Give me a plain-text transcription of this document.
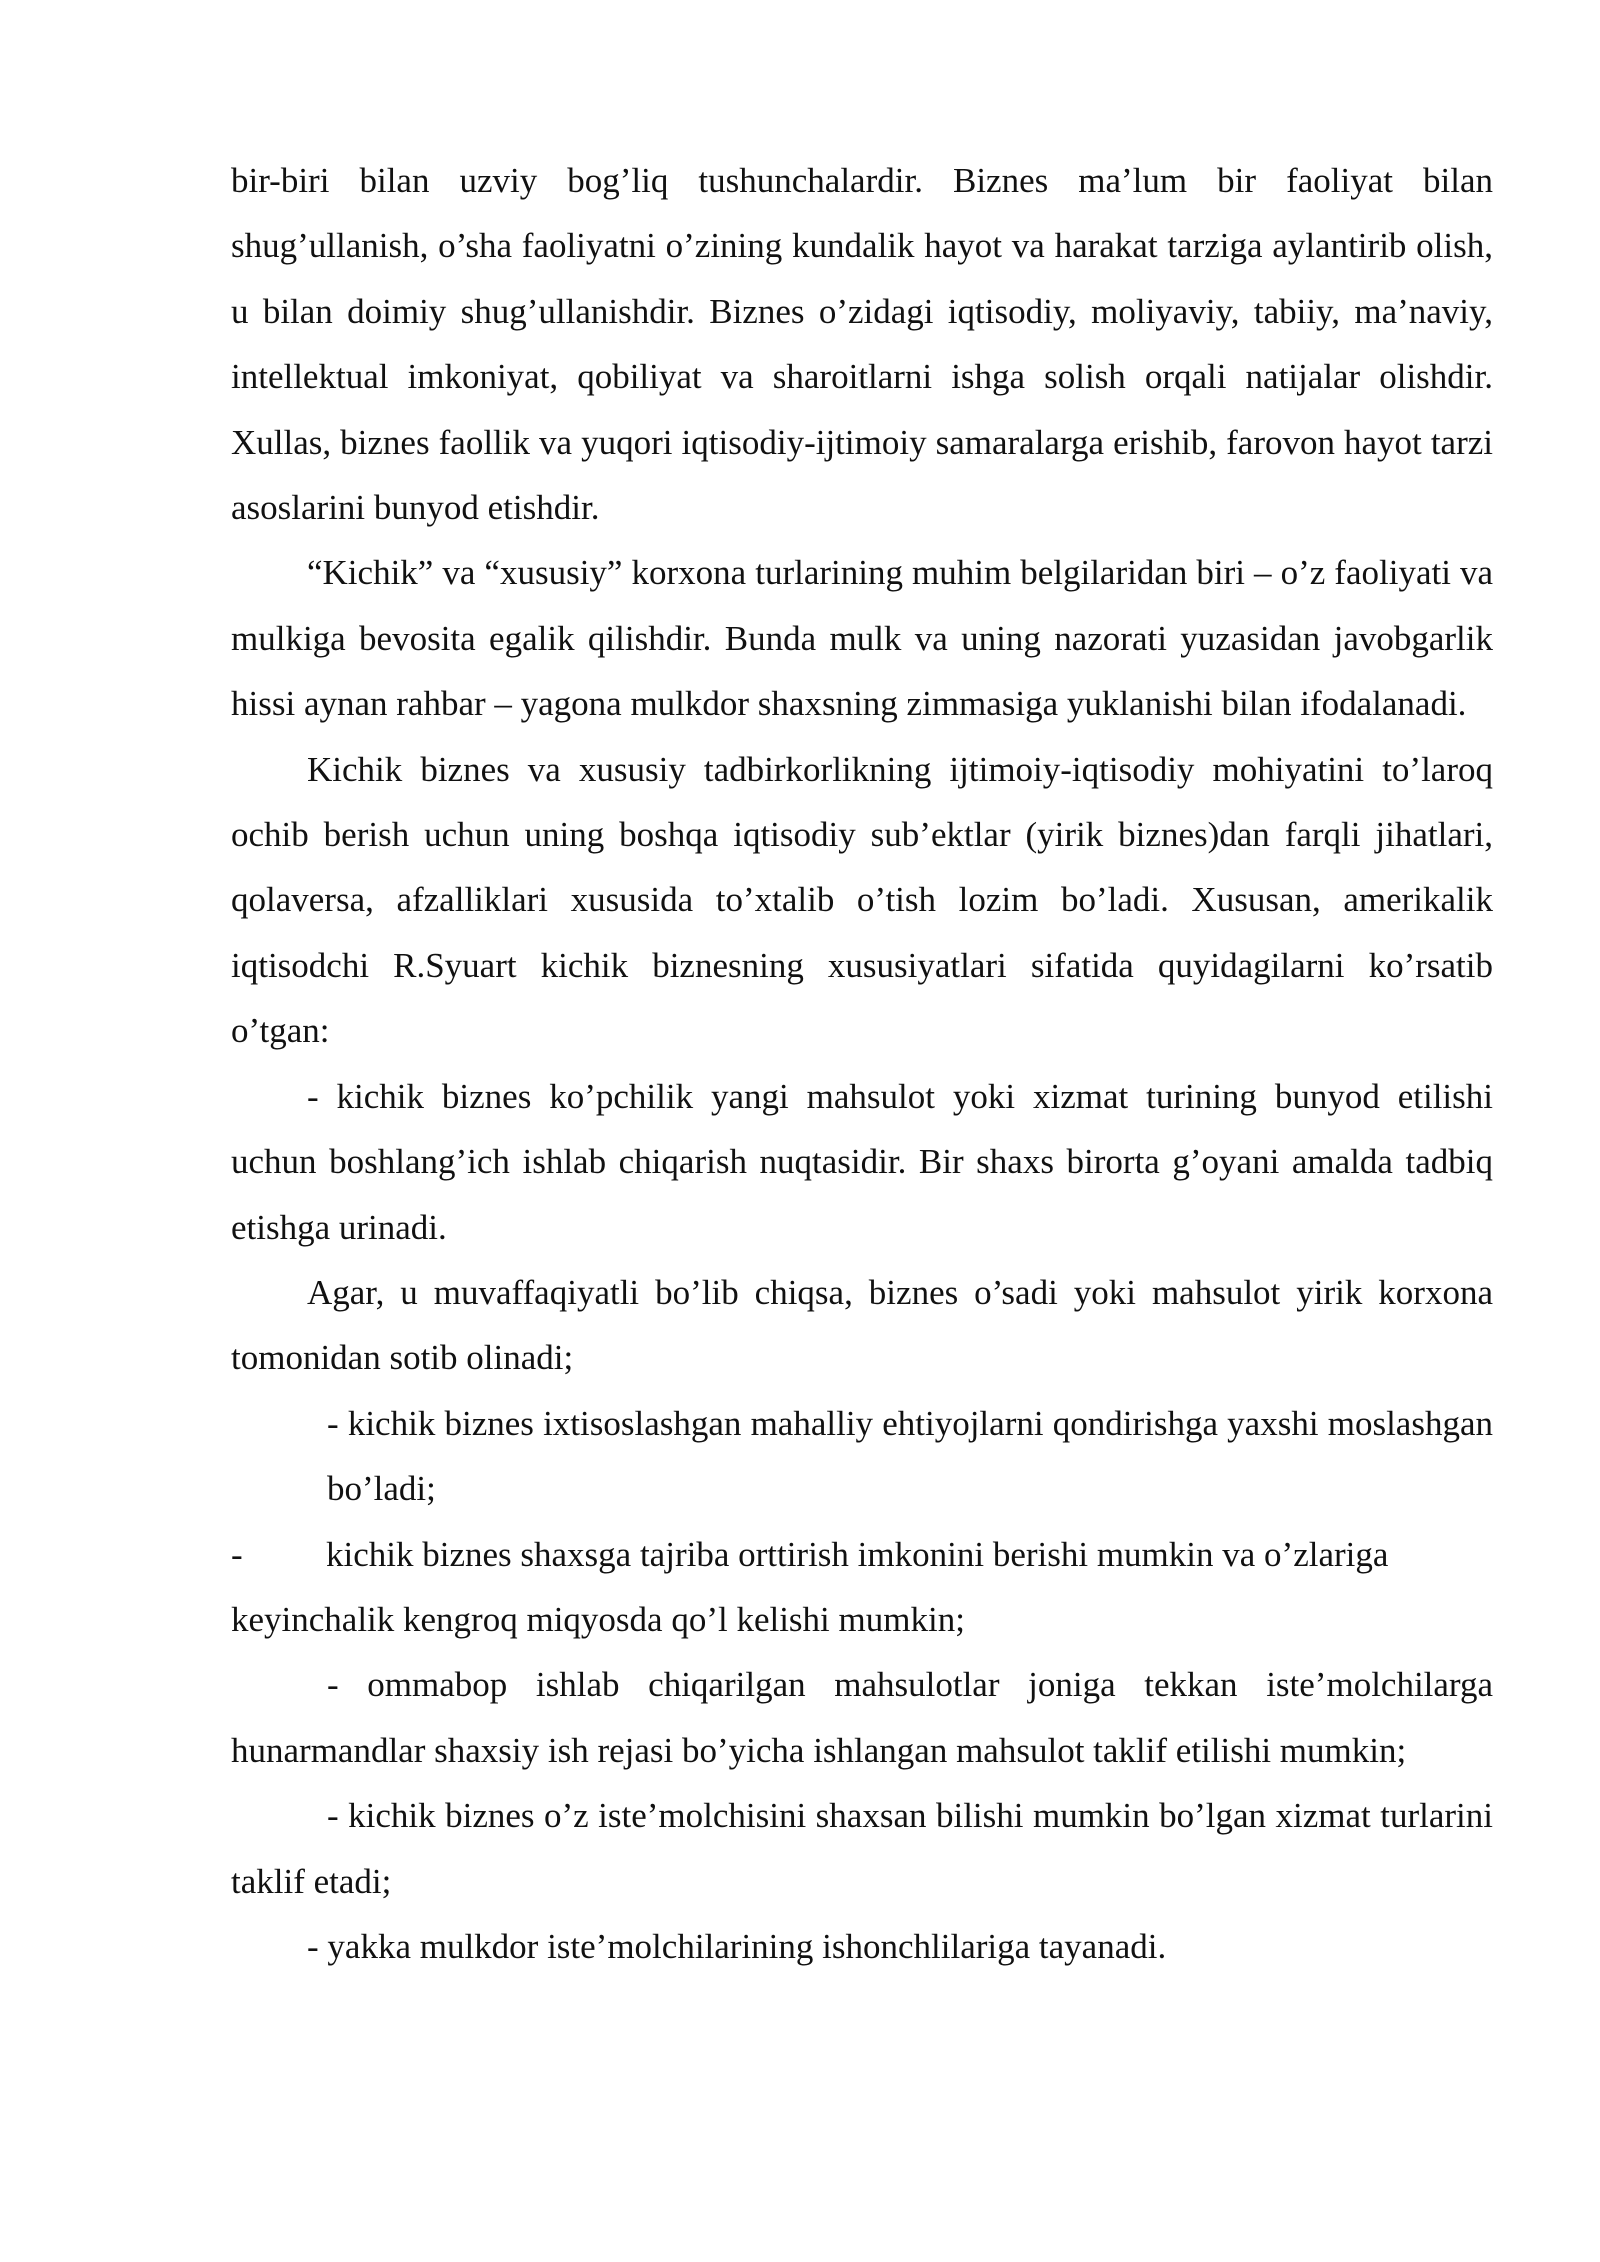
bir-biri bilan uzviy bog’liq tushunchalardir. Biznes ma’lum bir faoliyat bilan shug’ullanish, o’sha faoliyatni o’zining kundalik hayot va harakat tarziga aylantirib olish, u bilan doimiy shug’ullanishdir. Biznes o’zidagi iqtisodiy, moliyaviy, tabiiy, ma’naviy, intellektual imkoniyat, qobiliyat va sharoitlarni ishga solish orqali natijalar olishdir. Xullas, biznes faollik va yuqori iqtisodiy-ijtimoiy samaralarga erishib, farovon hayot tarzi asoslarini bunyod etishdir.

“Kichik” va “xususiy” korxona turlarining muhim belgilaridan biri – o’z faoliyati va mulkiga bevosita egalik qilishdir. Bunda mulk va uning nazorati yuzasidan javobgarlik hissi aynan rahbar – yagona mulkdor shaxsning zimmasiga yuklanishi bilan ifodalanadi.

Kichik biznes va xususiy tadbirkorlikning ijtimoiy-iqtisodiy mohiyatini to’laroq ochib berish uchun uning boshqa iqtisodiy sub’ektlar (yirik biznes)dan farqli jihatlari, qolaversa, afzalliklari xususida to’xtalib o’tish lozim bo’ladi. Xususan, amerikalik iqtisodchi R.Syuart kichik biznesning xususiyatlari sifatida quyidagilarni ko’rsatib o’tgan:

- kichik biznes ko’pchilik yangi mahsulot yoki xizmat turining bunyod etilishi uchun boshlang’ich ishlab chiqarish nuqtasidir. Bir shaxs birorta g’oyani amalda tadbiq etishga urinadi.

Agar, u muvaffaqiyatli bo’lib chiqsa, biznes o’sadi yoki mahsulot yirik korxona tomonidan sotib olinadi;

- kichik biznes ixtisoslashgan mahalliy ehtiyojlarni qondirishga yaxshi moslashgan bo’ladi;

- kichik biznes shaxsga tajriba orttirish imkonini berishi mumkin va o’zlariga
keyinchalik kengroq miqyosda qo’l kelishi mumkin;

- ommabop ishlab chiqarilgan mahsulotlar joniga tekkan iste’molchilarga hunarmandlar shaxsiy ish rejasi bo’yicha ishlangan mahsulot taklif etilishi mumkin;

- kichik biznes o’z iste’molchisini shaxsan bilishi mumkin bo’lgan xizmat turlarini taklif etadi;

- yakka mulkdor iste’molchilarining ishonchlilariga tayanadi.
